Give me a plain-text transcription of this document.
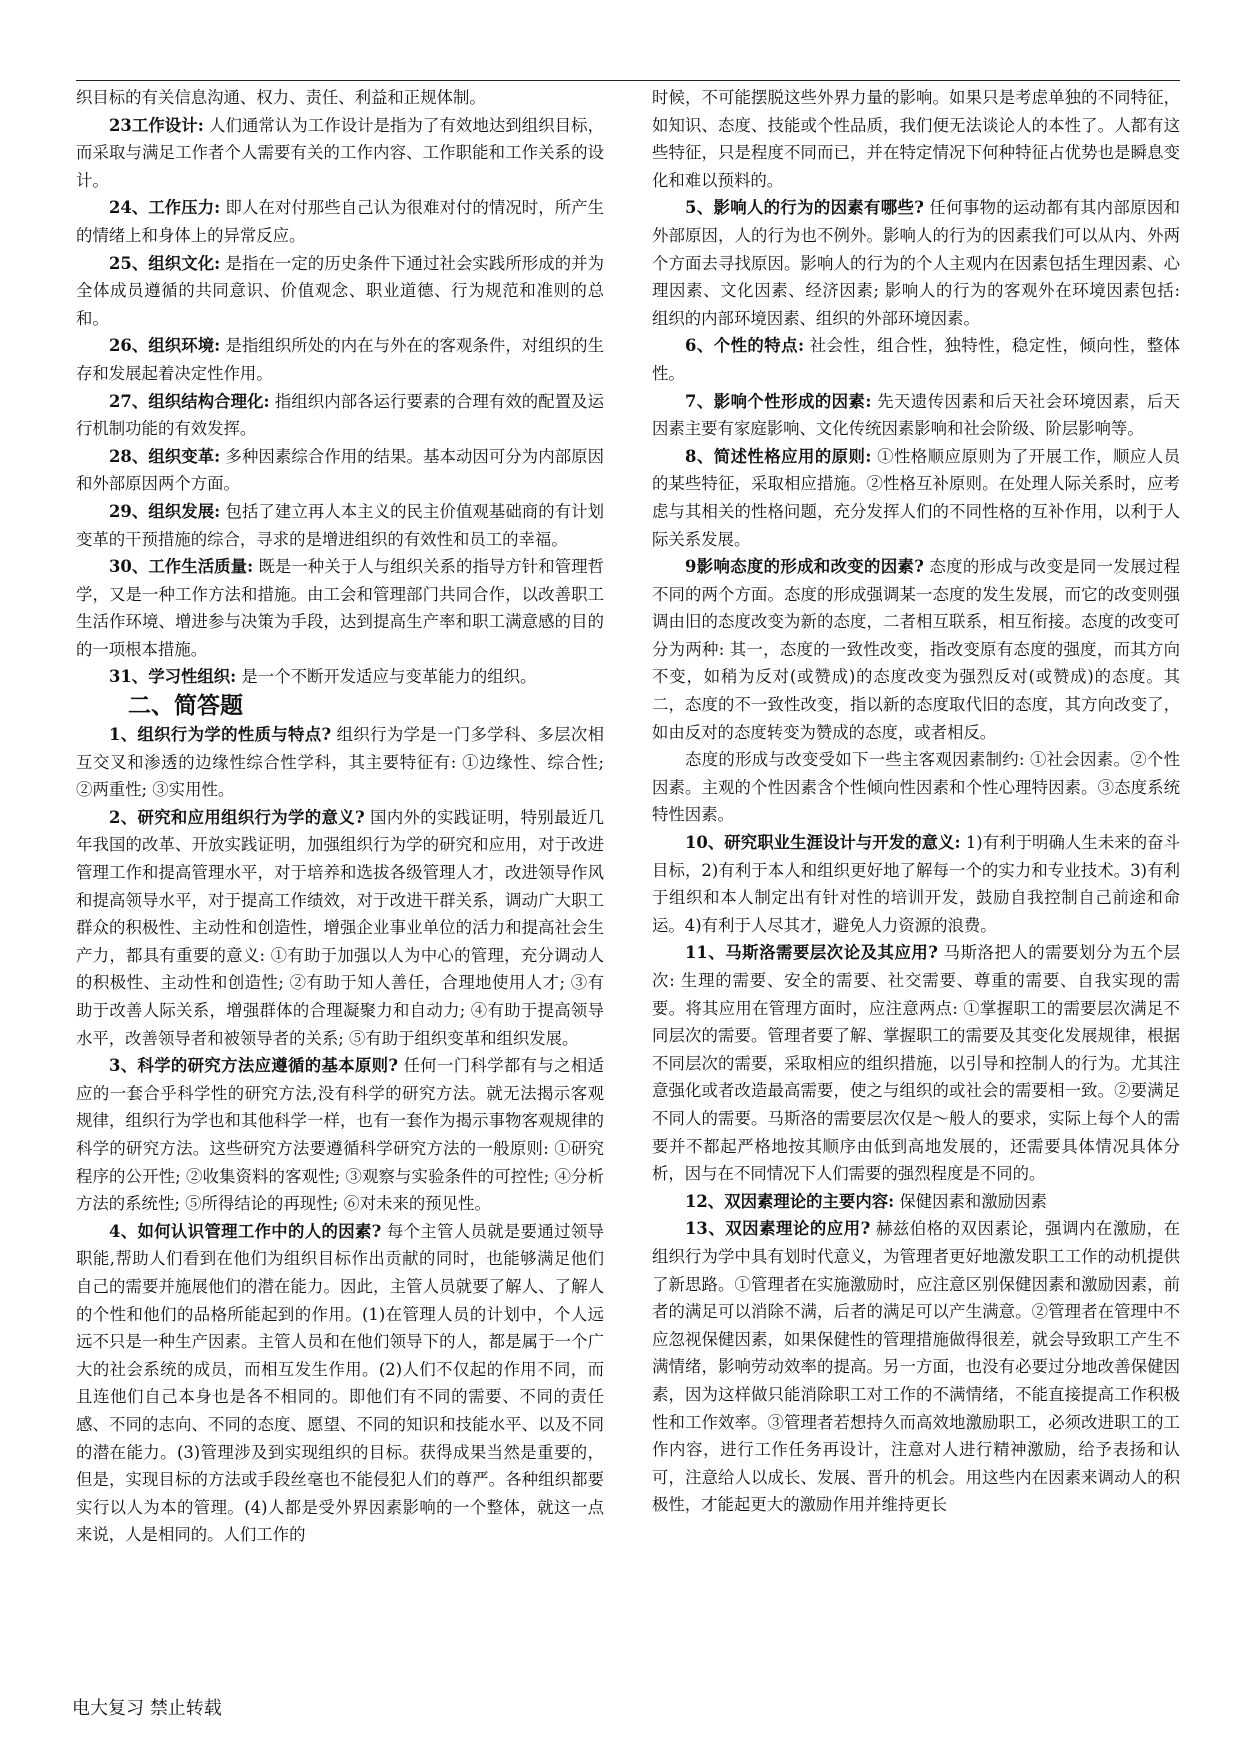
织目标的有关信息沟通、权力、责任、利益和正规体制。

23工作设计: 人们通常认为工作设计是指为了有效地达到组织目标，而采取与满足工作者个人需要有关的工作内容、工作职能和工作关系的设计。

24、工作压力: 即人在对付那些自己认为很难对付的情况时，所产生的情绪上和身体上的异常反应。

25、组织文化: 是指在一定的历史条件下通过社会实践所形成的并为全体成员遵循的共同意识、价值观念、职业道德、行为规范和准则的总和。

26、组织环境: 是指组织所处的内在与外在的客观条件，对组织的生存和发展起着决定性作用。

27、组织结构合理化: 指组织内部各运行要素的合理有效的配置及运行机制功能的有效发挥。

28、组织变革: 多种因素综合作用的结果。基本动因可分为内部原因和外部原因两个方面。

29、组织发展: 包括了建立再人本主义的民主价值观基础商的有计划变革的干预措施的综合，寻求的是增进组织的有效性和员工的幸福。

30、工作生活质量: 既是一种关于人与组织关系的指导方针和管理哲学，又是一种工作方法和措施。由工会和管理部门共同合作，以改善职工生活作环境、增进参与决策为手段，达到提高生产率和职工满意感的目的的一项根本措施。

31、学习性组织: 是一个不断开发适应与变革能力的组织。

二、简答题

1、组织行为学的性质与特点? 组织行为学是一门多学科、多层次相互交叉和渗透的边缘性综合性学科，其主要特征有: ①边缘性、综合性; ②两重性; ③实用性。

2、研究和应用组织行为学的意义? 国内外的实践证明，特别最近几年我国的改革、开放实践证明，加强组织行为学的研究和应用，对于改进管理工作和提高管理水平，对于培养和选拔各级管理人才，改进领导作风和提高领导水平，对于提高工作绩效，对于改进干群关系，调动广大职工群众的积极性、主动性和创造性，增强企业事业单位的活力和提高社会生产力，都具有重要的意义: ①有助于加强以人为中心的管理，充分调动人的积极性、主动性和创造性; ②有助于知人善任，合理地使用人才; ③有助于改善人际关系，增强群体的合理凝聚力和自动力; ④有助于提高领导水平，改善领导者和被领导者的关系; ⑤有助于组织变革和组织发展。

3、科学的研究方法应遵循的基本原则? 任何一门科学都有与之相适应的一套合乎科学性的研究方法,没有科学的研究方法。就无法揭示客观规律，组织行为学也和其他科学一样，也有一套作为揭示事物客观规律的科学的研究方法。这些研究方法要遵循科学研究方法的一般原则: ①研究程序的公开性; ②收集资料的客观性; ③观察与实验条件的可控性; ④分析方法的系统性; ⑤所得结论的再现性; ⑥对未来的预见性。

4、如何认识管理工作中的人的因素? 每个主管人员就是要通过领导职能,帮助人们看到在他们为组织目标作出贡献的同时，也能够满足他们自己的需要并施展他们的潜在能力。因此，主管人员就要了解人、了解人的个性和他们的品格所能起到的作用。(1)在管理人员的计划中，个人远远不只是一种生产因素。主管人员和在他们领导下的人，都是属于一个广大的社会系统的成员，而相互发生作用。(2)人们不仅起的作用不同，而且连他们自己本身也是各不相同的。即他们有不同的需要、不同的责任感、不同的志向、不同的态度、愿望、不同的知识和技能水平、以及不同的潜在能力。(3)管理涉及到实现组织的目标。获得成果当然是重要的，但是，实现目标的方法或手段丝毫也不能侵犯人们的尊严。各种组织都要实行以人为本的管理。(4)人都是受外界因素影响的一个整体，就这一点来说，人是相同的。人们工作的

时候，不可能摆脱这些外界力量的影响。如果只是考虑单独的不同特征，如知识、态度、技能或个性品质，我们便无法谈论人的本性了。人都有这些特征，只是程度不同而已，并在特定情况下何种特征占优势也是瞬息变化和难以预料的。

5、影响人的行为的因素有哪些? 任何事物的运动都有其内部原因和外部原因，人的行为也不例外。影响人的行为的因素我们可以从内、外两个方面去寻找原因。影响人的行为的个人主观内在因素包括生理因素、心理因素、文化因素、经济因素; 影响人的行为的客观外在环境因素包括: 组织的内部环境因素、组织的外部环境因素。

6、个性的特点: 社会性，组合性，独特性，稳定性，倾向性，整体性。

7、影响个性形成的因素: 先天遗传因素和后天社会环境因素，后天因素主要有家庭影响、文化传统因素影响和社会阶级、阶层影响等。

8、简述性格应用的原则: ①性格顺应原则为了开展工作，顺应人员的某些特征，采取相应措施。②性格互补原则。在处理人际关系时，应考虑与其相关的性格问题，充分发挥人们的不同性格的互补作用，以利于人际关系发展。

9影响态度的形成和改变的因素? 态度的形成与改变是同一发展过程不同的两个方面。态度的形成强调某一态度的发生发展，而它的改变则强调由旧的态度改变为新的态度，二者相互联系，相互衔接。态度的改变可分为两种: 其一，态度的一致性改变，指改变原有态度的强度，而其方向不变，如稍为反对(或赞成)的态度改变为强烈反对(或赞成)的态度。其二，态度的不一致性改变，指以新的态度取代旧的态度，其方向改变了，如由反对的态度转变为赞成的态度，或者相反。

态度的形成与改变受如下一些主客观因素制约: ①社会因素。②个性因素。主观的个性因素含个性倾向性因素和个性心理特因素。③态度系统特性因素。

10、研究职业生涯设计与开发的意义: 1)有利于明确人生未来的奋斗目标，2)有利于本人和组织更好地了解每一个的实力和专业技术。3)有利于组织和本人制定出有针对性的培训开发，鼓励自我控制自己前途和命运。4)有利于人尽其才，避免人力资源的浪费。

11、马斯洛需要层次论及其应用? 马斯洛把人的需要划分为五个层次: 生理的需要、安全的需要、社交需要、尊重的需要、自我实现的需要。将其应用在管理方面时，应注意两点: ①掌握职工的需要层次满足不同层次的需要。管理者要了解、掌握职工的需要及其变化发展规律，根据不同层次的需要，采取相应的组织措施，以引导和控制人的行为。尤其注意强化或者改造最高需要，使之与组织的或社会的需要相一致。②要满足不同人的需要。马斯洛的需要层次仅是～般人的要求，实际上每个人的需要并不都起严格地按其顺序由低到高地发展的，还需要具体情况具体分析，因与在不同情况下人们需要的强烈程度是不同的。

12、双因素理论的主要内容: 保健因素和激励因素

13、双因素理论的应用? 赫兹伯格的双因素论，强调内在激励，在组织行为学中具有划时代意义，为管理者更好地激发职工工作的动机提供了新思路。①管理者在实施激励时，应注意区别保健因素和激励因素，前者的满足可以消除不满，后者的满足可以产生满意。②管理者在管理中不应忽视保健因素，如果保健性的管理措施做得很差，就会导致职工产生不满情绪，影响劳动效率的提高。另一方面，也没有必要过分地改善保健因素，因为这样做只能消除职工对工作的不满情绪，不能直接提高工作积极性和工作效率。③管理者若想持久而高效地激励职工，必须改进职工的工作内容，进行工作任务再设计，注意对人进行精神激励，给予表扬和认可，注意给人以成长、发展、晋升的机会。用这些内在因素来调动人的积极性，才能起更大的激励作用并维持更长

电大复习 禁止转载
